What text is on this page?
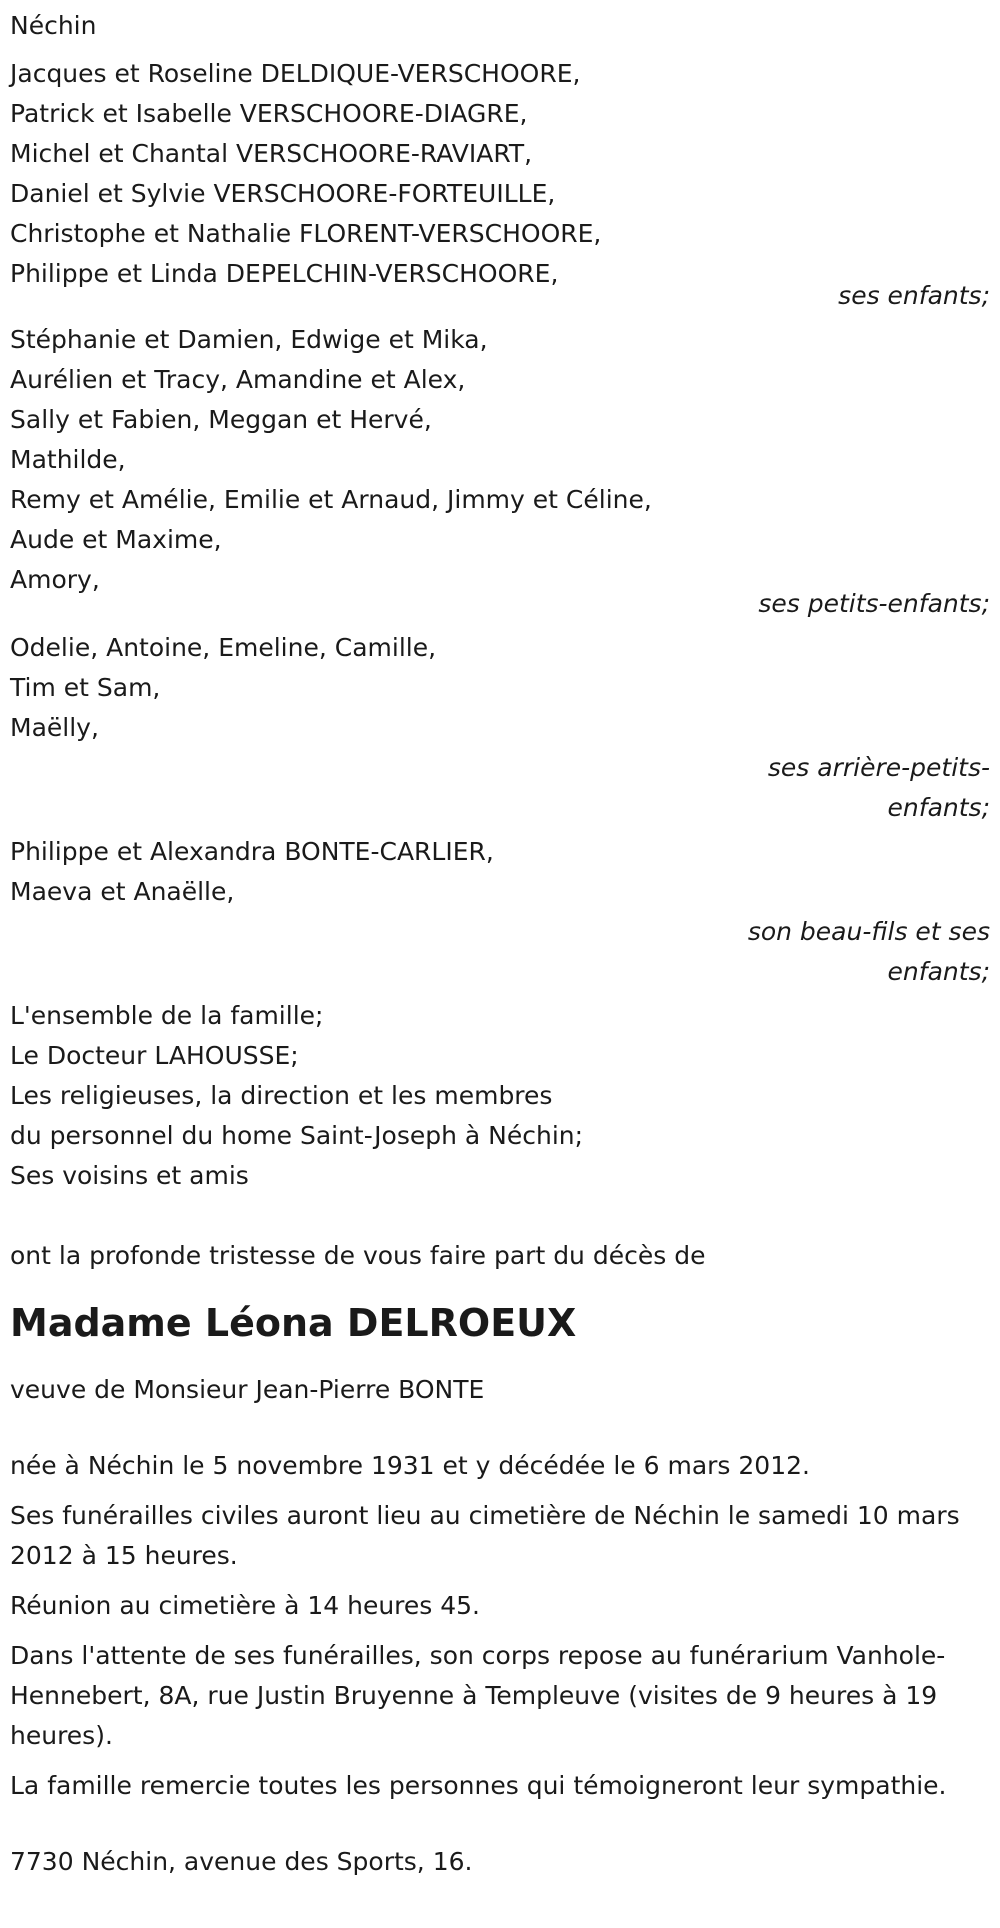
Néchin
Jacques et Roseline DELDIQUE-VERSCHOORE,
Patrick et Isabelle VERSCHOORE-DIAGRE,
Michel et Chantal VERSCHOORE-RAVIART,
Daniel et Sylvie VERSCHOORE-FORTEUILLE,
Christophe et Nathalie FLORENT-VERSCHOORE,
Philippe et Linda DEPELCHIN-VERSCHOORE,
ses enfants;
Stéphanie et Damien, Edwige et Mika,
Aurélien et Tracy, Amandine et Alex,
Sally et Fabien, Meggan et Hervé,
Mathilde,
Remy et Amélie, Emilie et Arnaud, Jimmy et Céline,
Aude et Maxime,
Amory,
ses petits-enfants;
Odelie, Antoine, Emeline, Camille,
Tim et Sam,
Maëlly,
ses arrière-petits-
enfants;
Philippe et Alexandra BONTE-CARLIER,
Maeva et Anaëlle,
son beau-fils et ses
enfants;
L'ensemble de la famille;
Le Docteur LAHOUSSE;
Les religieuses, la direction et les membres
du personnel du home Saint-Joseph à Néchin;
Ses voisins et amis

ont la profonde tristesse de vous faire part du décès de

Madame Léona DELROEUX

veuve de Monsieur Jean-Pierre BONTE

née à Néchin le 5 novembre 1931 et y décédée le 6 mars 2012.

Ses funérailles civiles auront lieu au cimetière de Néchin le samedi 10 mars 2012 à 15 heures.

Réunion au cimetière à 14 heures 45.

Dans l'attente de ses funérailles, son corps repose au funérarium Vanhole-Hennebert, 8A, rue Justin Bruyenne à Templeuve (visites de 9 heures à 19 heures).

La famille remercie toutes les personnes qui témoigneront leur sympathie.

7730 Néchin, avenue des Sports, 16.
